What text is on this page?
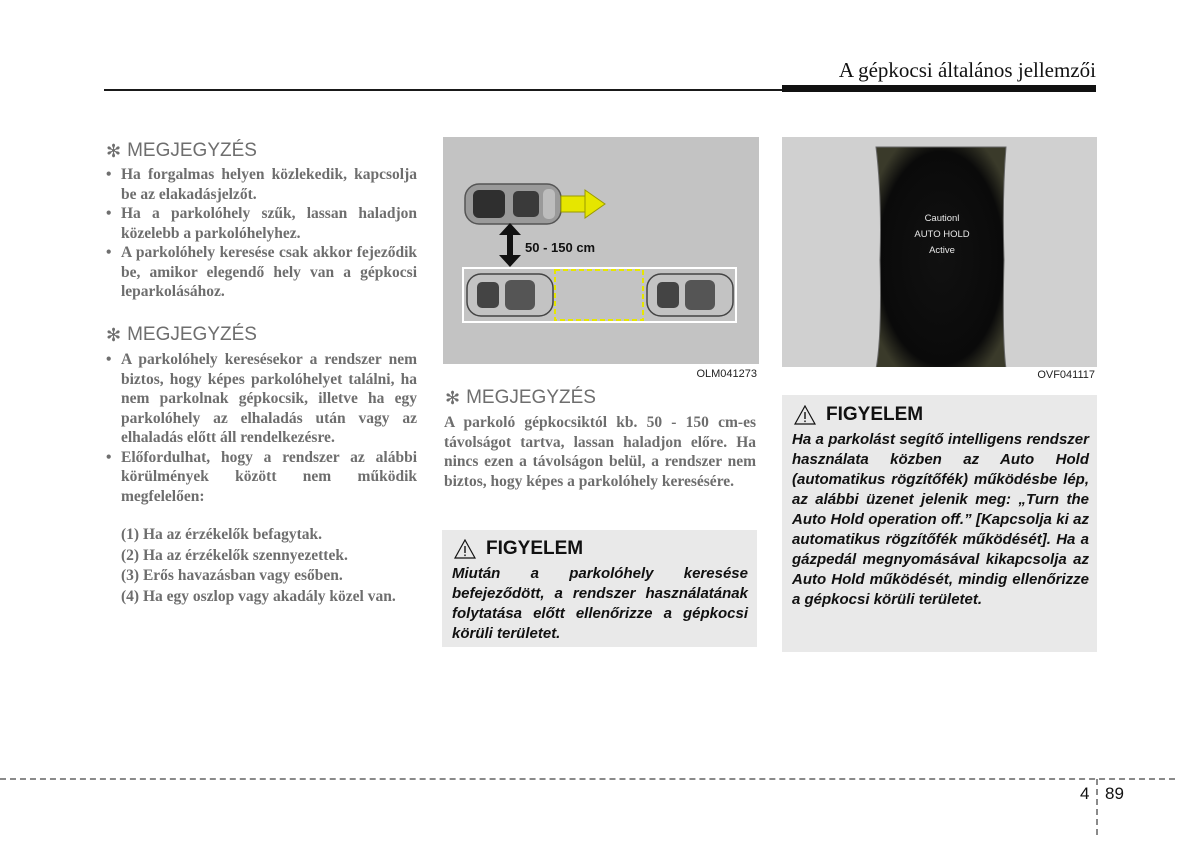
A gépkocsi általános jellemzői
✻ MEGJEGYZÉS
• Ha forgalmas helyen közlekedik, kapcsolja be az elakadásjelzőt.
• Ha a parkolóhely szűk, lassan haladjon közelebb a parkolóhelyhez.
• A parkolóhely keresése csak akkor fejeződik be, amikor elegendő hely van a gépkocsi leparkolásához.
✻ MEGJEGYZÉS
• A parkolóhely keresésekor a rendszer nem biztos, hogy képes parkolóhelyet találni, ha nem parkolnak gépkocsik, illetve ha egy parkolóhely az elhaladás után vagy az elhaladás előtt áll rendelkezésre.
• Előfordulhat, hogy a rendszer az alábbi körülmények között nem működik megfelelően:
(1) Ha az érzékelők befagytak.
(2) Ha az érzékelők szennyezettek.
(3) Erős havazásban vagy esőben.
(4) Ha egy oszlop vagy akadály közel van.
50 - 150 cm
OLM041273
✻ MEGJEGYZÉS

A parkoló gépkocsiktól kb. 50 - 150 cm-es távolságot tartva, lassan haladjon előre. Ha nincs ezen a távolságon belül, a rendszer nem biztos, hogy képes a parkolóhely keresésére.

FIGYELEM

Miután a parkolóhely keresése befejeződött, a rendszer használatának folytatása előtt ellenőrizze a gépkocsi körüli területet.

Cautionl
AUTO HOLD
Active
OVF041117
FIGYELEM

Ha a parkolást segítő intelligens rendszer használata közben az Auto Hold (automatikus rögzítőfék) működésbe lép, az alábbi üzenet jelenik meg: „Turn the Auto Hold operation off.” [Kapcsolja ki az automatikus rögzítőfék működését]. Ha a gázpedál megnyomásával kikapcsolja az Auto Hold működését, mindig ellenőrizze a gépkocsi körüli területet.

4 89
